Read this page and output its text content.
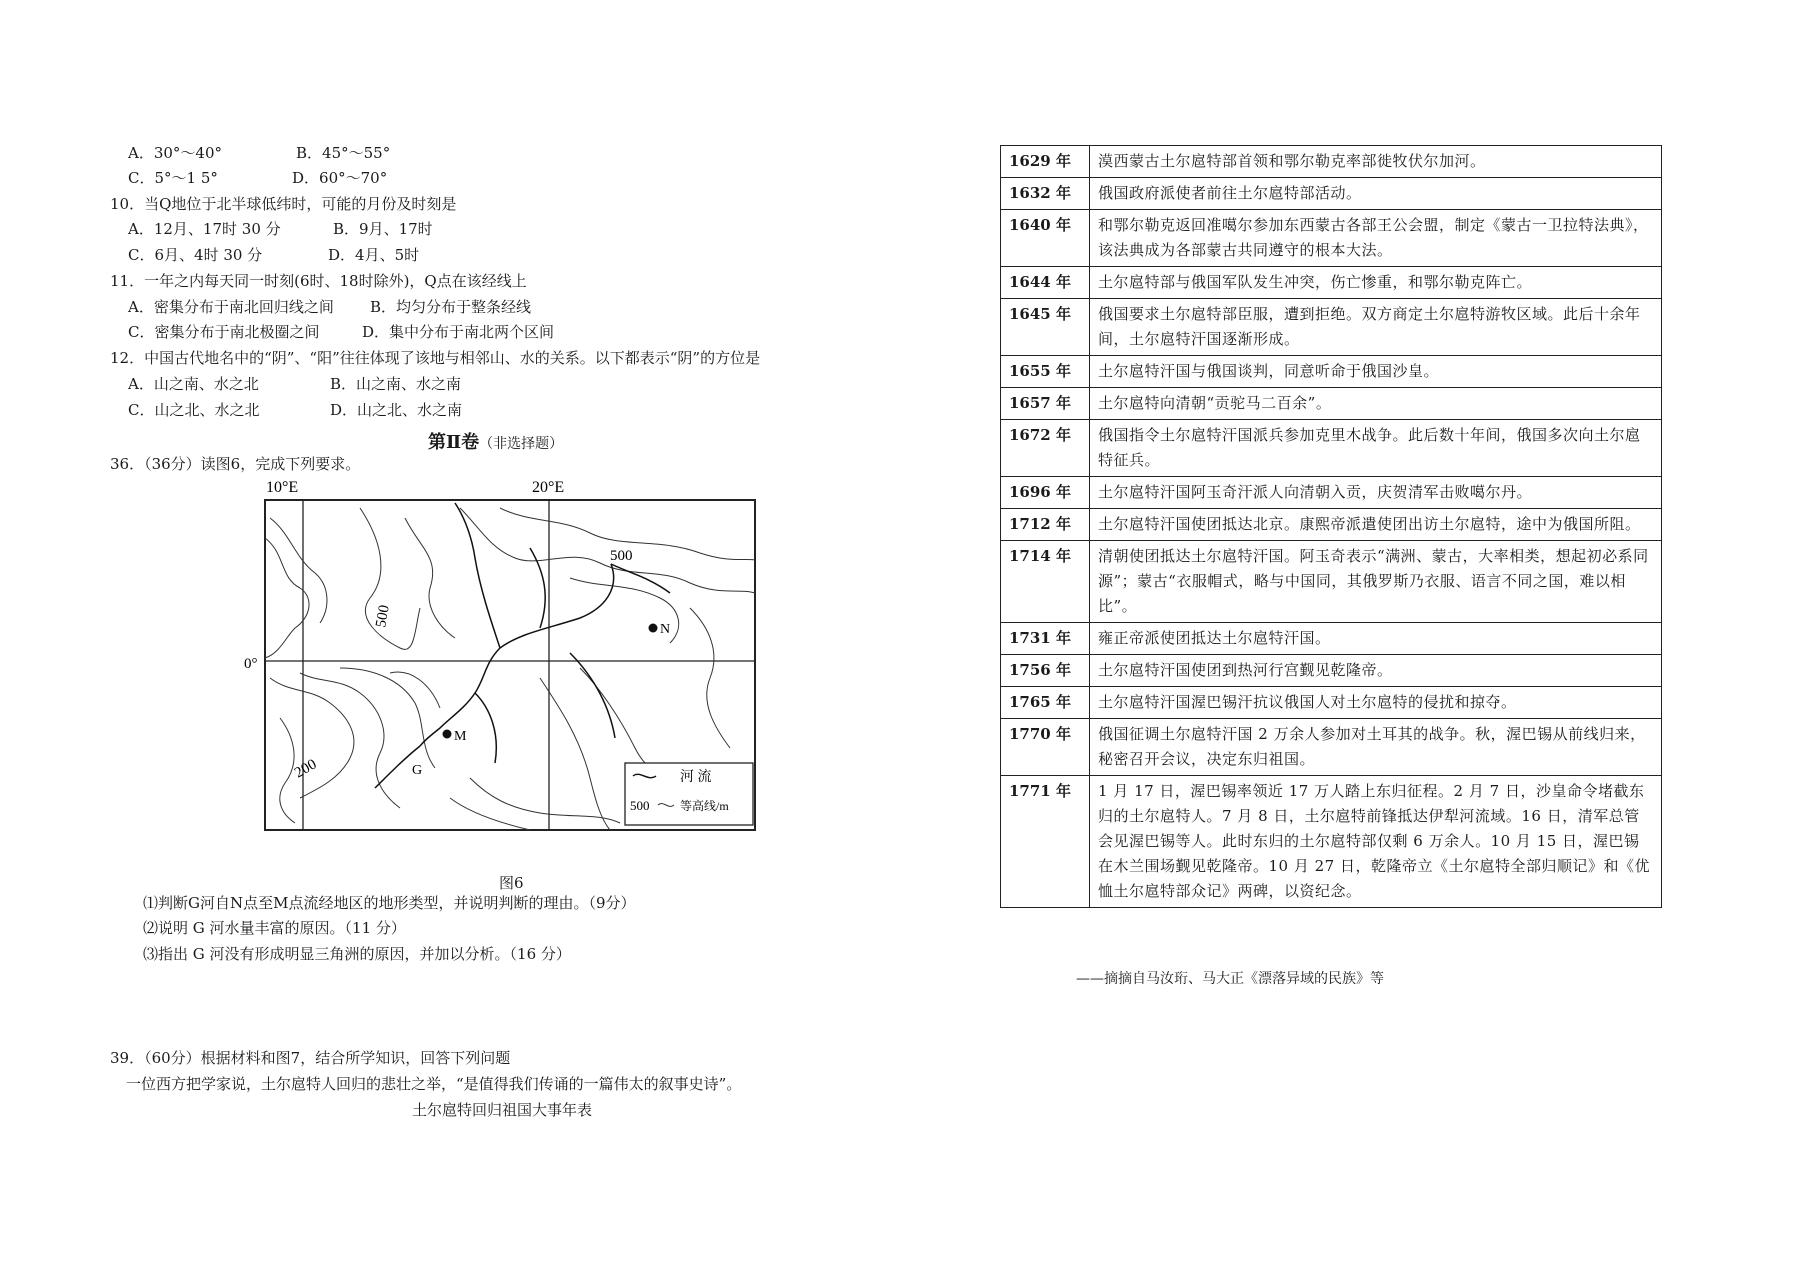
A．30°～40°	B．45°～55°
C．5°～1 5°	D．60°～70°
10．当Q地位于北半球低纬时，可能的月份及时刻是
A．12月、17时 30 分	B．9月、17时
C．6月、4时 30 分	D．4月、5时
11．一年之内每天同一时刻(6时、18时除外)，Q点在该经线上
A．密集分布于南北回归线之间 B．均匀分布于整条经线
C．密集分布于南北极圈之间	D．集中分布于南北两个区间
12．中国古代地名中的“阴”、“阳”往往体现了该地与相邻山、水的关系。以下都表示“阴”的方位是
A．山之南、水之北	B．山之南、水之南
C．山之北、水之北	D．山之北、水之南
第Ⅱ卷（非选择题）
36．（36分）读图6，完成下列要求。
10°E	20°E
0°
500
500
200
N
M
G	河 流
500	等高线/m
图6
⑴判断G河自N点至M点流经地区的地形类型，并说明判断的理由。（9分）
⑵说明 G 河水量丰富的原因。（11 分）
⑶指出 G 河没有形成明显三角洲的原因，并加以分析。（16 分）
39．（60分）根据材料和图7，结合所学知识，回答下列问题
一位西方把学家说，土尔扈特人回归的悲壮之举，“是值得我们传诵的一篇伟太的叙事史诗”。
土尔扈特回归祖国大事年表
1629 年	漠西蒙古土尔扈特部首领和鄂尔勒克率部徙牧伏尔加河。
1632 年	俄国政府派使者前往土尔扈特部活动。
1640 年	和鄂尔勒克返回准噶尔参加东西蒙古各部王公会盟，制定《蒙古一卫拉特法典》，该法典成为各部蒙古共同遵守的根本大法。
1644 年	土尔扈特部与俄国军队发生冲突，伤亡惨重，和鄂尔勒克阵亡。
1645 年	俄国要求土尔扈特部臣服，遭到拒绝。双方商定土尔扈特游牧区域。此后十余年间，土尔扈特汗国逐渐形成。
1655 年	土尔扈特汗国与俄国谈判，同意听命于俄国沙皇。
1657 年	土尔扈特向清朝“贡驼马二百余”。
1672 年	俄国指令土尔扈特汗国派兵参加克里木战争。此后数十年间，俄国多次向土尔扈特征兵。
1696 年	土尔扈特汗国阿玉奇汗派人向清朝入贡，庆贺清军击败噶尔丹。
1712 年	土尔扈特汗国使团抵达北京。康熙帝派遣使团出访土尔扈特，途中为俄国所阻。
1714 年	清朝使团抵达土尔扈特汗国。阿玉奇表示“满洲、蒙古，大率相类，想起初必系同源”；蒙古“衣服帽式，略与中国同，其俄罗斯乃衣服、语言不同之国，难以相比”。
1731 年	雍正帝派使团抵达土尔扈特汗国。
1756 年	土尔扈特汗国使团到热河行宫觐见乾隆帝。
1765 年	土尔扈特汗国渥巴锡汗抗议俄国人对土尔扈特的侵扰和掠夺。
1770 年	俄国征调土尔扈特汗国 2 万余人参加对土耳其的战争。秋，渥巴锡从前线归来，秘密召开会议，决定东归祖国。
1771 年	1 月 17 日，渥巴锡率领近 17 万人踏上东归征程。2 月 7 日，沙皇命令堵截东归的土尔扈特人。7 月 8 日，土尔扈特前锋抵达伊犁河流域。16 日，清军总管会见渥巴锡等人。此时东归的土尔扈特部仅剩 6 万余人。10 月 15 日，渥巴锡在木兰围场觐见乾隆帝。10 月 27 日，乾隆帝立《土尔扈特全部归顺记》和《优恤土尔扈特部众记》两碑，以资纪念。
——摘摘自马汝珩、马大正《漂落异域的民族》等
